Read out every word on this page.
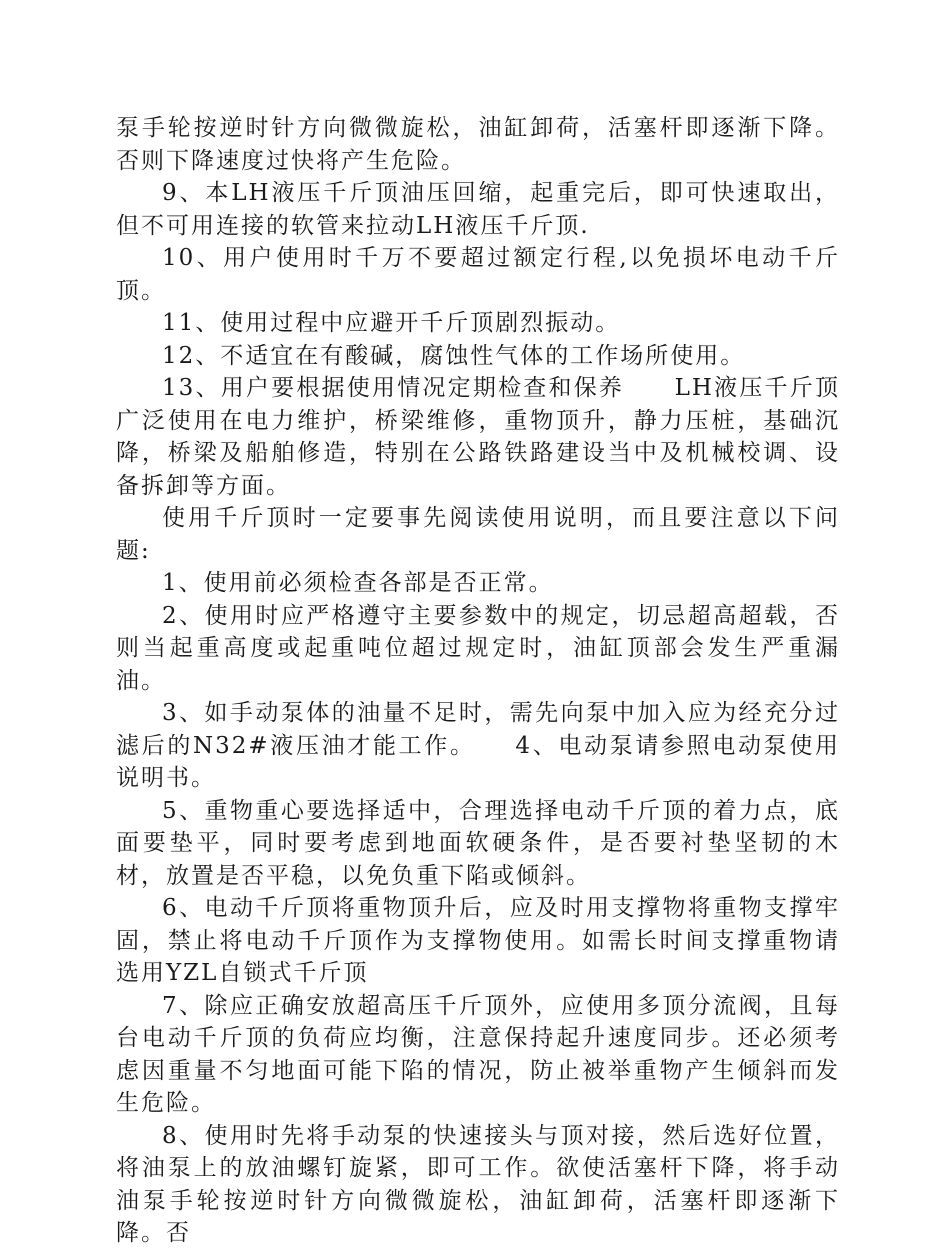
泵手轮按逆时针方向微微旋松，油缸卸荷，活塞杆即逐渐下降。否则下降速度过快将产生危险。

9、本LH液压千斤顶油压回缩，起重完后，即可快速取出，但不可用连接的软管来拉动LH液压千斤顶.

10、用户使用时千万不要超过额定行程,以免损坏电动千斤顶。

11、使用过程中应避开千斤顶剧烈振动。

12、不适宜在有酸碱，腐蚀性气体的工作场所使用。

13、用户要根据使用情况定期检查和保养　　LH液压千斤顶广泛使用在电力维护，桥梁维修，重物顶升，静力压桩，基础沉降，桥梁及船舶修造，特别在公路铁路建设当中及机械校调、设备拆卸等方面。

使用千斤顶时一定要事先阅读使用说明，而且要注意以下问题:

1、使用前必须检查各部是否正常。

2、使用时应严格遵守主要参数中的规定，切忌超高超载，否则当起重高度或起重吨位超过规定时，油缸顶部会发生严重漏油。

3、如手动泵体的油量不足时，需先向泵中加入应为经充分过滤后的N32#液压油才能工作。　　4、电动泵请参照电动泵使用说明书。

5、重物重心要选择适中，合理选择电动千斤顶的着力点，底面要垫平，同时要考虑到地面软硬条件，是否要衬垫坚韧的木材，放置是否平稳，以免负重下陷或倾斜。

6、电动千斤顶将重物顶升后，应及时用支撑物将重物支撑牢固，禁止将电动千斤顶作为支撑物使用。如需长时间支撑重物请选用YZL自锁式千斤顶

7、除应正确安放超高压千斤顶外，应使用多顶分流阀，且每台电动千斤顶的负荷应均衡，注意保持起升速度同步。还必须考虑因重量不匀地面可能下陷的情况，防止被举重物产生倾斜而发生危险。

8、使用时先将手动泵的快速接头与顶对接，然后选好位置，将油泵上的放油螺钉旋紧，即可工作。欲使活塞杆下降，将手动油泵手轮按逆时针方向微微旋松，油缸卸荷，活塞杆即逐渐下降。否
